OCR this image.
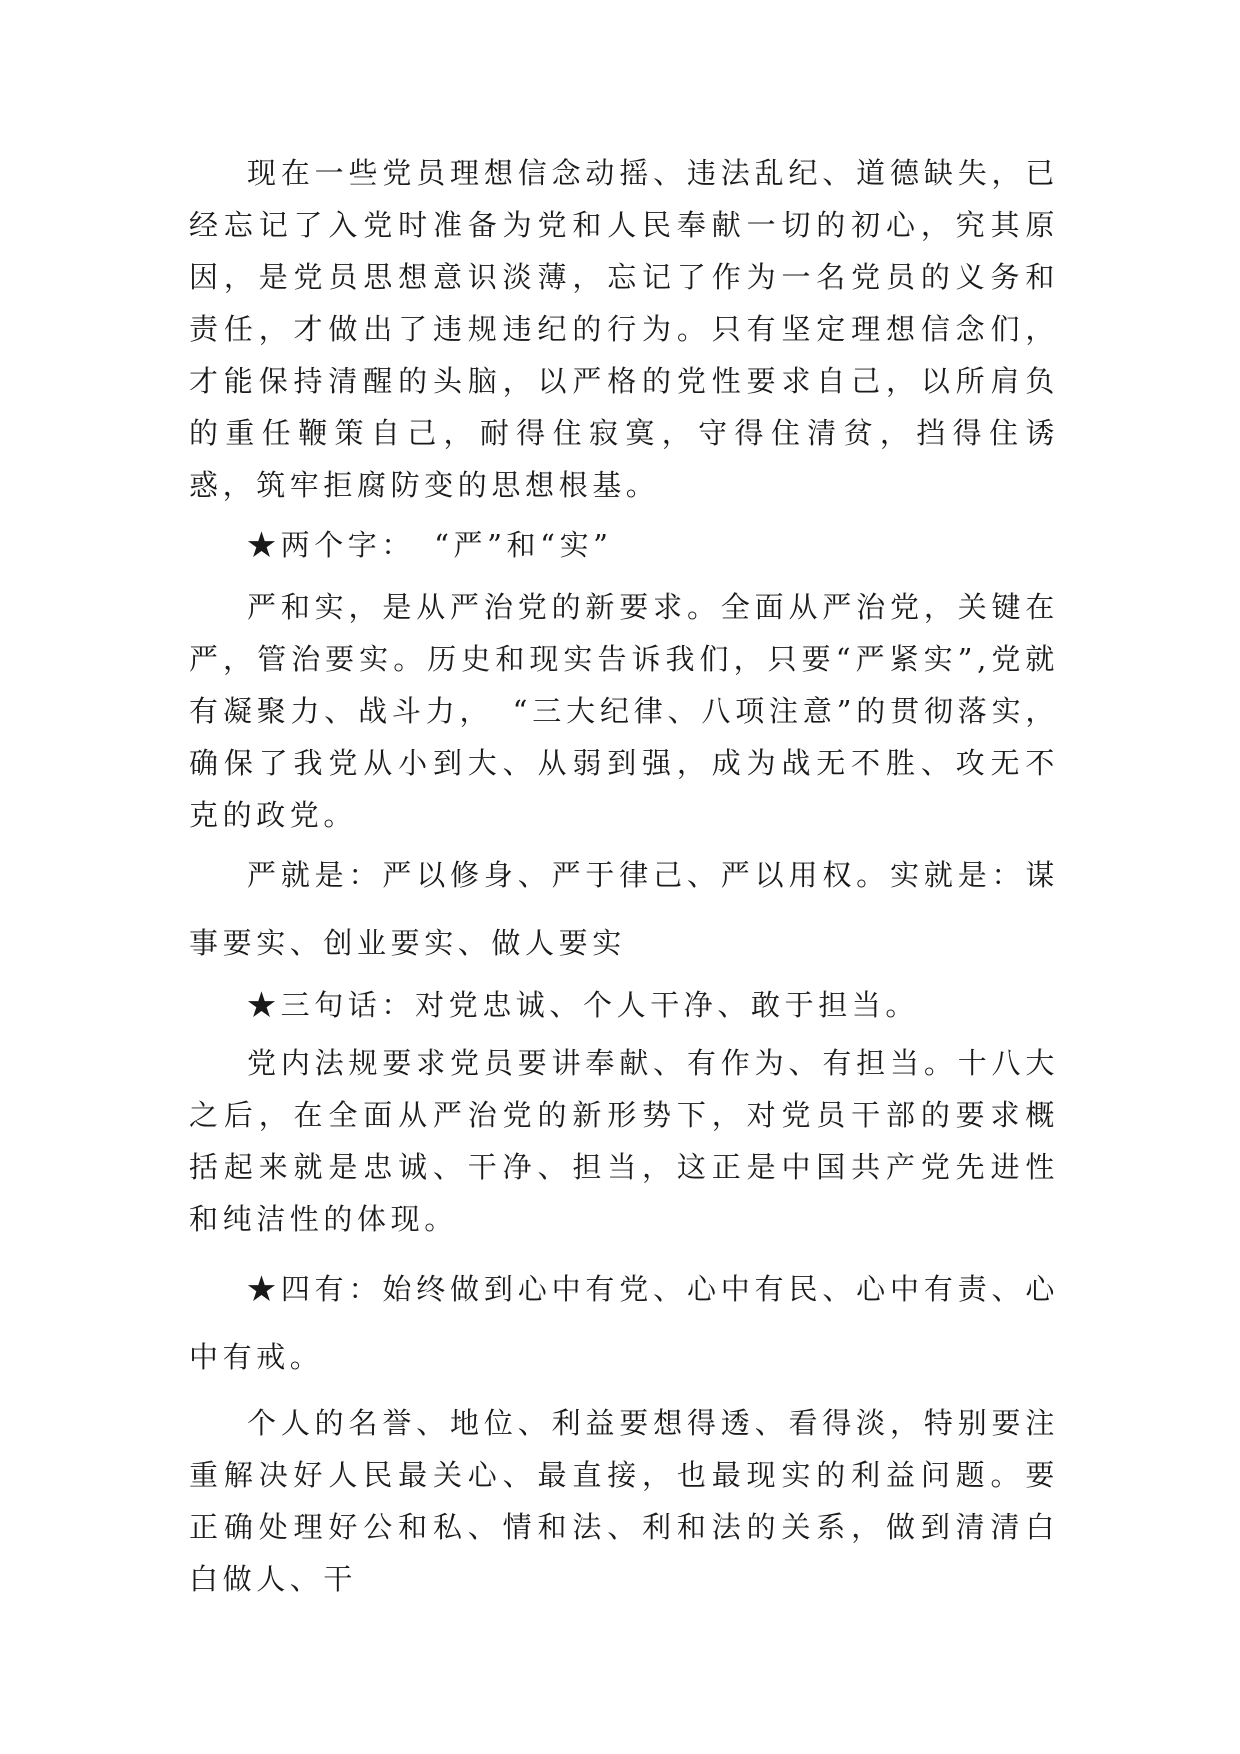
现在一些党员理想信念动摇、违法乱纪、道德缺失，已经忘记了入党时准备为党和人民奉献一切的初心，究其原因，是党员思想意识淡薄，忘记了作为一名党员的义务和责任，才做出了违规违纪的行为。只有坚定理想信念们，才能保持清醒的头脑，以严格的党性要求自己，以所肩负的重任鞭策自己，耐得住寂寞，守得住清贫，挡得住诱惑，筑牢拒腐防变的思想根基。

★两个字：　“严”和“实”

严和实，是从严治党的新要求。全面从严治党，关键在严，管治要实。历史和现实告诉我们，只要“严紧实”,党就有凝聚力、战斗力，　“三大纪律、八项注意”的贯彻落实，确保了我党从小到大、从弱到强，成为战无不胜、攻无不克的政党。

严就是：严以修身、严于律己、严以用权。实就是：谋事要实、创业要实、做人要实

★三句话：对党忠诚、个人干净、敢于担当。

党内法规要求党员要讲奉献、有作为、有担当。十八大之后，在全面从严治党的新形势下，对党员干部的要求概括起来就是忠诚、干净、担当，这正是中国共产党先进性和纯洁性的体现。

★四有：始终做到心中有党、心中有民、心中有责、心中有戒。

个人的名誉、地位、利益要想得透、看得淡，特别要注重解决好人民最关心、最直接，也最现实的利益问题。要正确处理好公和私、情和法、利和法的关系，做到清清白白做人、干
